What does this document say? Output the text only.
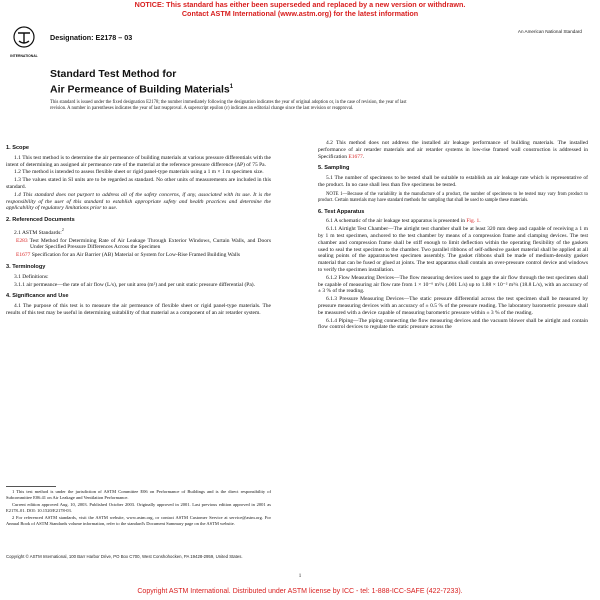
NOTICE: This standard has either been superseded and replaced by a new version or withdrawn.
Contact ASTM International (www.astm.org) for the latest information
INTERNATIONAL
Designation: E2178 – 03
An American National Standard
Standard Test Method for
Air Permeance of Building Materials$^1$
This standard is issued under the fixed designation E2178; the number immediately following the designation indicates the year of original adoption or, in the case of revision, the year of last revision. A number in parentheses indicates the year of last reapproval. A superscript epsilon (ε) indicates an editorial change since the last revision or reapproval.
1. Scope

1.1 This test method is to determine the air permeance of building materials at various pressure differentials with the intent of determining an assigned air permeance rate of the material at the reference pressure difference (ΔP) of 75 Pa.

1.2 The method is intended to assess flexible sheet or rigid panel-type materials using a 1 m × 1 m specimen size.

1.3 The values stated in SI units are to be regarded as standard. No other units of measurements are included in this standard.

1.4 This standard does not purport to address all of the safety concerns, if any, associated with its use. It is the responsibility of the user of this standard to establish appropriate safety and health practices and determine the applicability of regulatory limitations prior to use.

2. Referenced Documents

2.1 ASTM Standards:$^2$

E283 Test Method for Determining Rate of Air Leakage Through Exterior Windows, Curtain Walls, and Doors Under Specified Pressure Differences Across the Specimen
E1677 Specification for an Air Barrier (AB) Material or System for Low-Rise Framed Building Walls
3. Terminology

3.1 Definitions:

3.1.1 air permeance—the rate of air flow (L/s), per unit area (m²) and per unit static pressure differential (Pa).

4. Significance and Use

4.1 The purpose of this test is to measure the air permeance of flexible sheet or rigid panel-type materials. The results of this test may be useful in determining suitability of that material as a component of an air retarder system.

1 This test method is under the jurisdiction of ASTM Committee E06 on Performance of Buildings and is the direct responsibility of Subcommittee E06.41 on Air Leakage and Ventilation Performance.

Current edition approved Aug. 10, 2003. Published October 2003. Originally approved in 2001. Last previous edition approved in 2001 as E2178–01. DOI: 10.1520/E2178-03.

2 For referenced ASTM standards, visit the ASTM website, www.astm.org, or contact ASTM Customer Service at service@astm.org. For Annual Book of ASTM Standards volume information, refer to the standard's Document Summary page on the ASTM website.

4.2 This method does not address the installed air leakage performance of building materials. The installed performance of air retarder materials and air retarder systems in low-rise framed wall construction is addressed in Specification E1677.

5. Sampling

5.1 The number of specimens to be tested shall be suitable to establish an air leakage rate which is representative of the product. In no case shall less than five specimens be tested.

NOTE 1—Because of the variability in the manufacture of a product, the number of specimens to be tested may vary from product to product. Certain materials may have standard methods for sampling that shall be used to sample these materials.
6. Test Apparatus

6.1 A schematic of the air leakage test apparatus is presented in Fig. 1.

6.1.1 Airtight Test Chamber—The airtight test chamber shall be at least 320 mm deep and capable of receiving a 1 m by 1 m test specimen, anchored to the test chamber by means of a compression frame and clamping devices. The test chamber and compression frame shall be stiff enough to limit deflection within the operating flexibility of the gaskets used to seal the test specimen to the chamber. Two parallel ribbons of self-adhesive gasket material shall be applied at all sealing points of the apparatus/test specimen assembly. The gasket ribbons shall be made of medium-density gasket material that can be fused or glued at joints. The test apparatus shall contain an over-pressure control device and windows to verify the specimen installation.

6.1.2 Flow Measuring Devices—The flow measuring devices used to gage the air flow through the test specimen shall be capable of measuring air flow rate from 1 × 10⁻⁶ m³/s (.001 L/s) up to 1.88 × 10⁻² m³/s (18.8 L/s), with an accuracy of ± 3 % of the reading.

6.1.3 Pressure Measuring Devices—The static pressure differential across the test specimen shall be measured by pressure measuring devices with an accuracy of ± 0.5 % of the pressure reading. The laboratory barometric pressure shall be measured with a device capable of measuring barometric pressure within ± 3 % of the reading.

6.1.4 Piping—The piping connecting the flow measuring devices and the vacuum blower shall be airtight and contain flow control devices to regulate the static pressure across the

Copyright © ASTM International, 100 Barr Harbor Drive, PO Box C700, West Conshohocken, PA 19428-2959, United States.
1
Copyright ASTM International. Distributed under ASTM license by ICC - tel: 1-888-ICC-SAFE (422-7233).
